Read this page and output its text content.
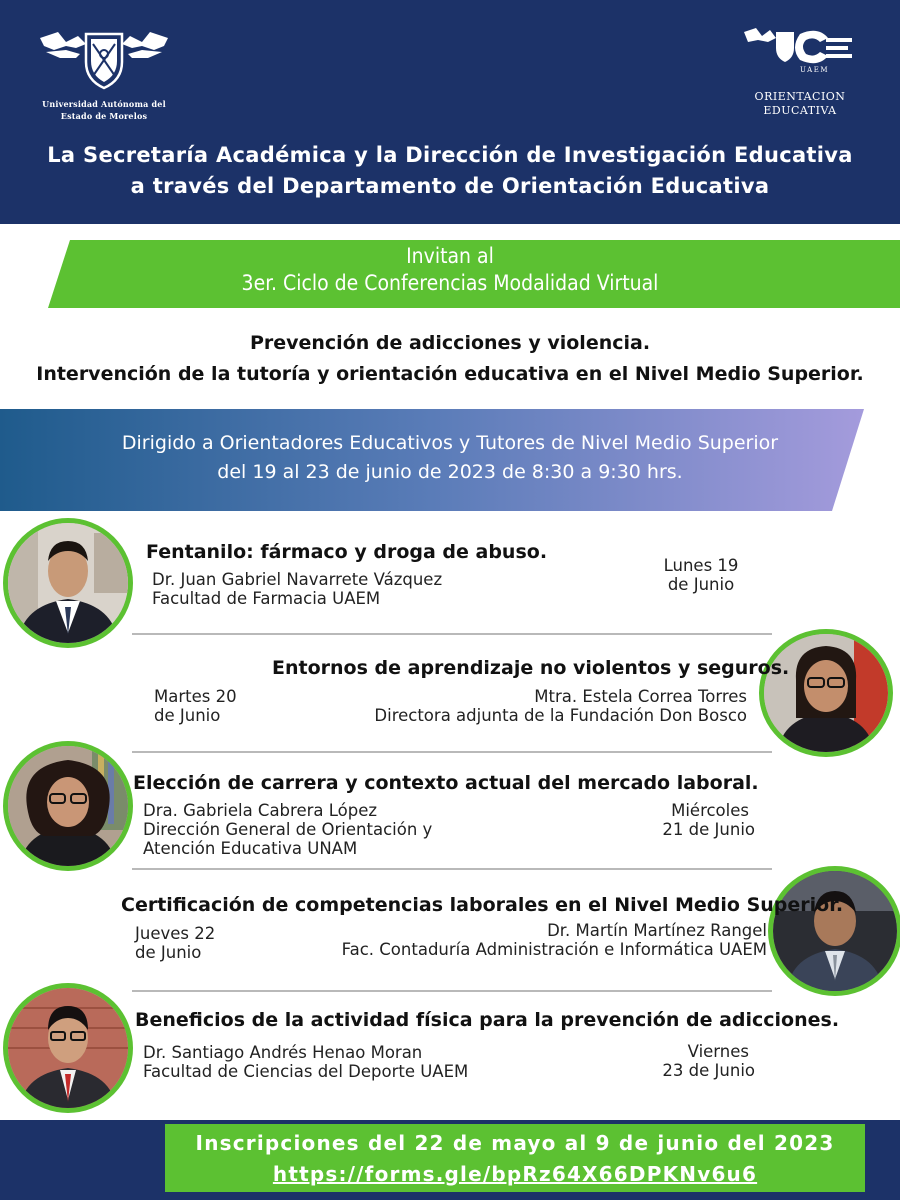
Universidad Autónoma del
Estado de Morelos
UAEM
ORIENTACION
EDUCATIVA
La Secretaría Académica y la Dirección de Investigación Educativa
a través del Departamento de Orientación Educativa
Invitan al
3er. Ciclo de Conferencias Modalidad Virtual
Prevención de adicciones y violencia.
Intervención de la tutoría y orientación educativa en el Nivel Medio Superior.
Dirigido a Orientadores Educativos y Tutores de Nivel Medio Superior
del 19 al 23 de junio de 2023 de 8:30 a 9:30 hrs.
Fentanilo: fármaco y droga de abuso.
Dr. Juan Gabriel Navarrete Vázquez
Facultad de Farmacia UAEM
Lunes 19
de Junio
Entornos de aprendizaje no violentos y seguros.
Martes 20
de Junio
Mtra. Estela Correa Torres
Directora adjunta de la Fundación Don Bosco
Elección de carrera y contexto actual del mercado laboral.
Dra. Gabriela Cabrera López
Dirección General de Orientación y
Atención Educativa UNAM
Miércoles
21 de Junio
Certificación de competencias laborales en el Nivel Medio Superior.
Jueves 22
de Junio
Dr. Martín Martínez Rangel
Fac. Contaduría Administración e Informática UAEM
Beneficios de la actividad física para la prevención de adicciones.
Dr. Santiago Andrés Henao Moran
Facultad de Ciencias del Deporte UAEM
Viernes
23 de Junio
Inscripciones del 22 de mayo al 9 de junio del 2023
https://forms.gle/bpRz64X66DPKNv6u6
